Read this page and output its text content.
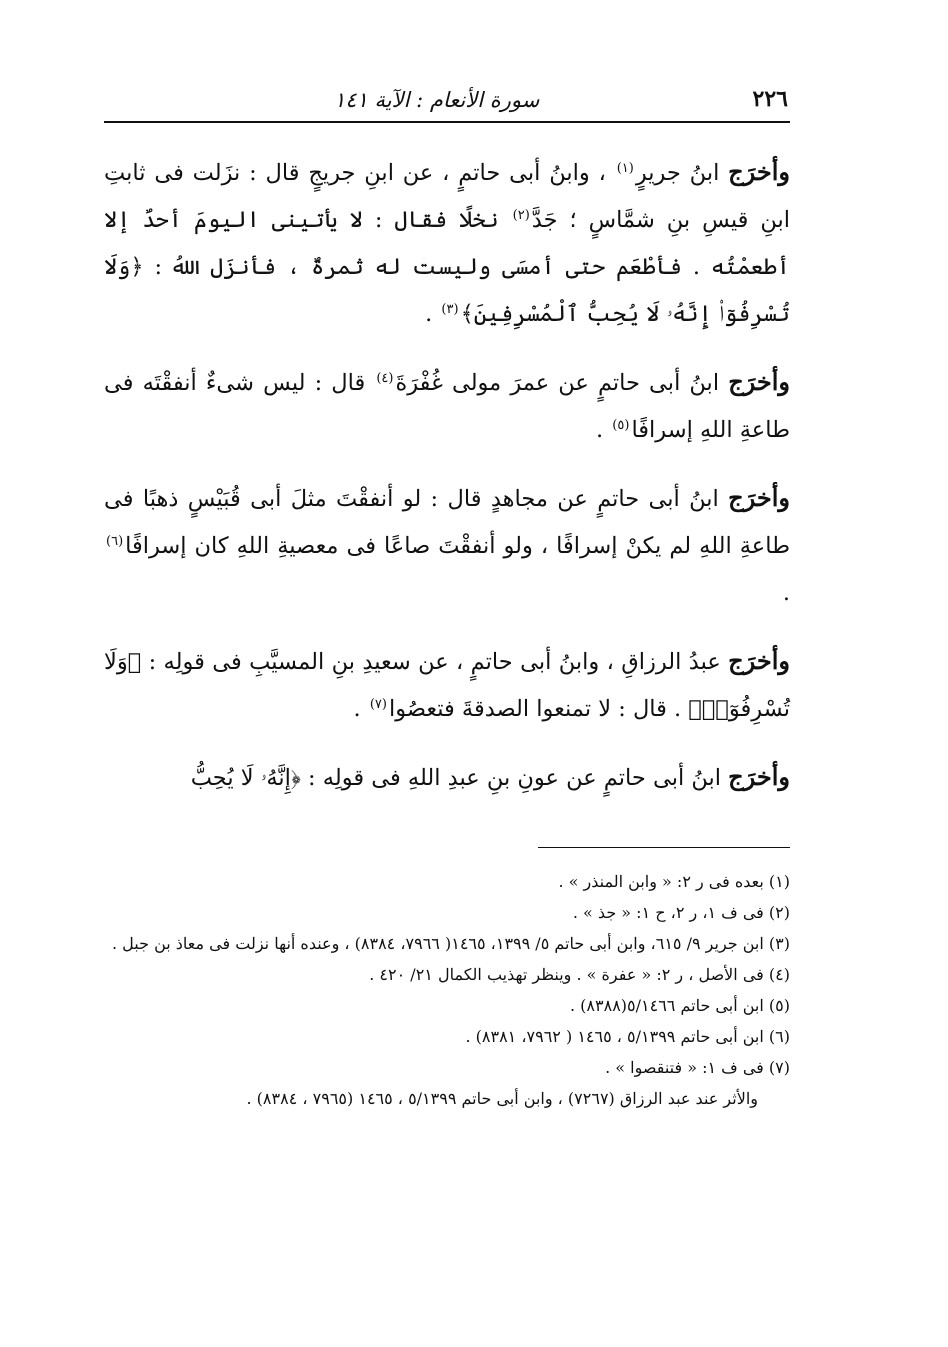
٢٢٦
سورة الأنعام : الآية ١٤١

وأخرَج ابنُ جريرٍ$^{(١)}$ ، وابنُ أبى حاتمٍ ، عن ابنِ جريجٍ قال : نزَلت فى ثابتِ ابنِ قيسِ بنِ شمَّاسٍ ؛ جَدَّ$^{(٢)}$ نخلًا فقال : لا يأتينى اليومَ أحدٌ إلا أطعمْتُه . فأطْعَم حتى أمسَى وليست له ثمرةٌ ، فأنزَل اللهُ : ﴿وَلَا تُسْرِفُوٓا۟ إِنَّهُۥ لَا يُحِبُّ ٱلْمُسْرِفِينَ﴾$^{(٣)}$ .

وأخرَج ابنُ أبى حاتمٍ عن عمرَ مولى غُفْرَةَ$^{(٤)}$ قال : ليس شىءٌ أنفقْتَه فى طاعةِ اللهِ إسرافًا$^{(٥)}$ .

وأخرَج ابنُ أبى حاتمٍ عن مجاهدٍ قال : لو أنفقْتَ مثلَ أبى قُبَيْسٍ ذهبًا فى طاعةِ اللهِ لم يكنْ إسرافًا ، ولو أنفقْتَ صاعًا فى معصيةِ اللهِ كان إسرافًا$^{(٦)}$ .

وأخرَج عبدُ الرزاقِ ، وابنُ أبى حاتمٍ ، عن سعيدِ بنِ المسيَّبِ فى قولِه : ﴿وَلَا تُسْرِفُوٓا۟﴾ . قال : لا تمنعوا الصدقةَ فتعصُوا$^{(٧)}$ .

وأخرَج ابنُ أبى حاتمٍ عن عونِ بنِ عبدِ اللهِ فى قولِه : ﴿إِنَّهُۥ لَا يُحِبُّ

(١) بعده فى ر ٢: « وابن المنذر » .

(٢) فى ف ١، ر ٢، ح ١: « جذ » .

(٣) ابن جرير ٩/ ٦١٥، وابن أبى حاتم ٥/ ١٣٩٩، ١٤٦٥( ٧٩٦٦، ٨٣٨٤) ، وعنده أنها نزلت فى معاذ بن جبل .

(٤) فى الأصل ، ر ٢: « عفرة » . وينظر تهذيب الكمال ٢١/ ٤٢٠ .

(٥) ابن أبى حاتم ٥/١٤٦٦(٨٣٨٨) .

(٦) ابن أبى حاتم ٥/١٣٩٩ ، ١٤٦٥ ( ٧٩٦٢، ٨٣٨١) .

(٧) فى ف ١: « فتنقصوا » .

والأثر عند عبد الرزاق (٧٢٦٧) ، وابن أبى حاتم ٥/١٣٩٩ ، ١٤٦٥ (٧٩٦٥ ، ٨٣٨٤) .
